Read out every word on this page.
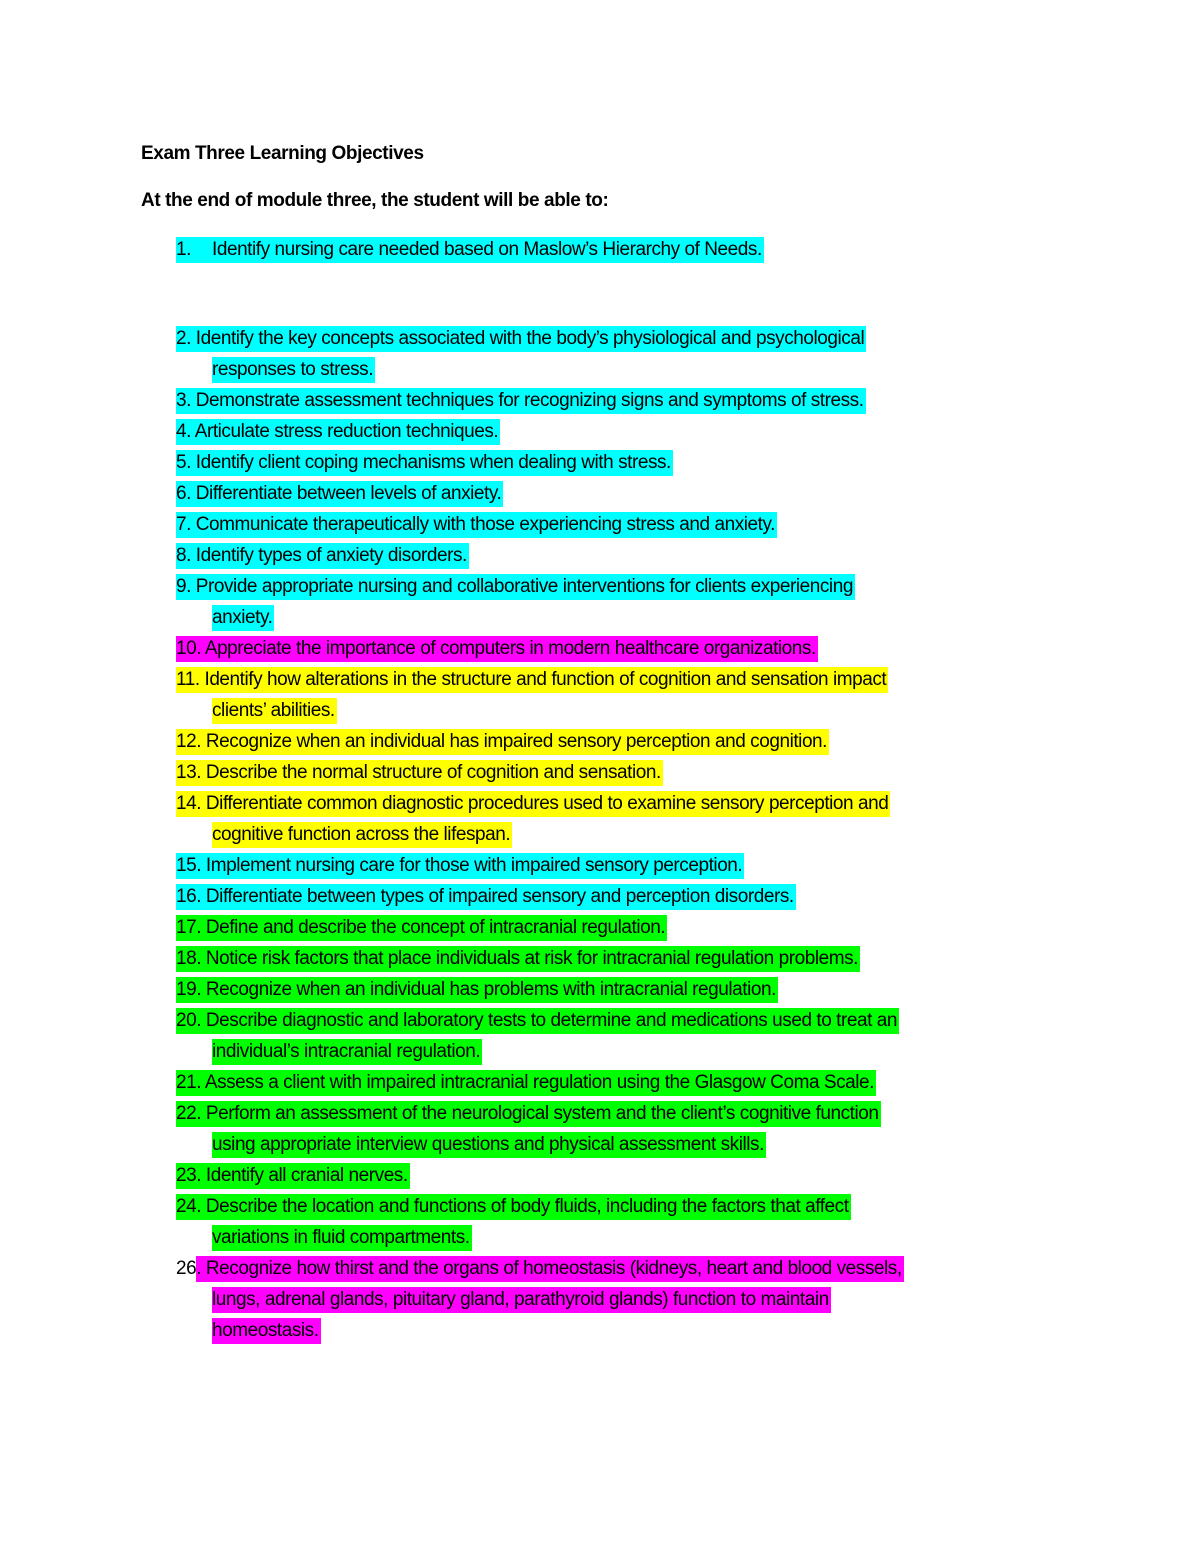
Exam Three Learning Objectives
At the end of module three, the student will be able to:
1. Identify nursing care needed based on Maslow’s Hierarchy of Needs.
2. Identify the key concepts associated with the body’s physiological and psychological
responses to stress.
3. Demonstrate assessment techniques for recognizing signs and symptoms of stress.
4. Articulate stress reduction techniques.
5. Identify client coping mechanisms when dealing with stress.
6. Differentiate between levels of anxiety.
7. Communicate therapeutically with those experiencing stress and anxiety.
8. Identify types of anxiety disorders.
9. Provide appropriate nursing and collaborative interventions for clients experiencing
anxiety.
10. Appreciate the importance of computers in modern healthcare organizations.
11. Identify how alterations in the structure and function of cognition and sensation impact
clients’ abilities.
12. Recognize when an individual has impaired sensory perception and cognition.
13. Describe the normal structure of cognition and sensation.
14. Differentiate common diagnostic procedures used to examine sensory perception and
cognitive function across the lifespan.
15. Implement nursing care for those with impaired sensory perception.
16. Differentiate between types of impaired sensory and perception disorders.
17. Define and describe the concept of intracranial regulation.
18. Notice risk factors that place individuals at risk for intracranial regulation problems.
19. Recognize when an individual has problems with intracranial regulation.
20. Describe diagnostic and laboratory tests to determine and medications used to treat an
individual’s intracranial regulation.
21. Assess a client with impaired intracranial regulation using the Glasgow Coma Scale.
22. Perform an assessment of the neurological system and the client’s cognitive function
using appropriate interview questions and physical assessment skills.
23. Identify all cranial nerves.
24. Describe the location and functions of body fluids, including the factors that affect
variations in fluid compartments.
26. Recognize how thirst and the organs of homeostasis (kidneys, heart and blood vessels,
lungs, adrenal glands, pituitary gland, parathyroid glands) function to maintain
homeostasis.
